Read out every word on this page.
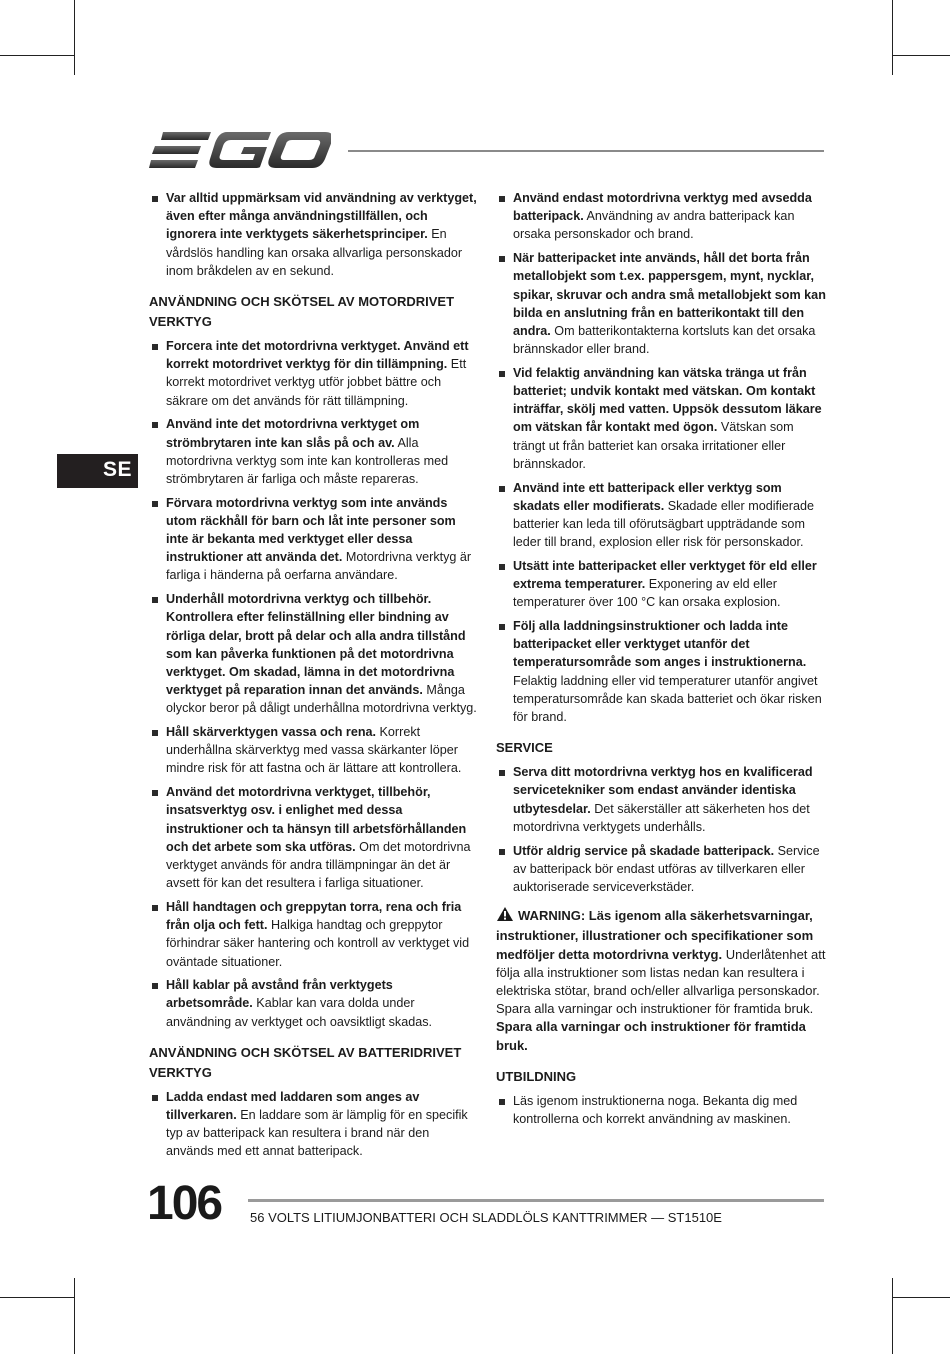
SE
Var alltid uppmärksam vid användning av verktyget, även efter många användningstillfällen, och ignorera inte verktygets säkerhetsprinciper. En vårdslös handling kan orsaka allvarliga personskador inom bråkdelen av en sekund.
ANVÄNDNING OCH SKÖTSEL AV MOTORDRIVET VERKTYG
Forcera inte det motordrivna verktyget. Använd ett korrekt motordrivet verktyg för din tillämpning. Ett korrekt motordrivet verktyg utför jobbet bättre och säkrare om det används för rätt tillämpning.
Använd inte det motordrivna verktyget om strömbrytaren inte kan slås på och av. Alla motordrivna verktyg som inte kan kontrolleras med strömbrytaren är farliga och måste repareras.
Förvara motordrivna verktyg som inte används utom räckhåll för barn och låt inte personer som inte är bekanta med verktyget eller dessa instruktioner att använda det. Motordrivna verktyg är farliga i händerna på oerfarna användare.
Underhåll motordrivna verktyg och tillbehör. Kontrollera efter felinställning eller bindning av rörliga delar, brott på delar och alla andra tillstånd som kan påverka funktionen på det motordrivna verktyget. Om skadad, lämna in det motordrivna verktyget på reparation innan det används. Många olyckor beror på dåligt underhållna motordrivna verktyg.
Håll skärverktygen vassa och rena. Korrekt underhållna skärverktyg med vassa skärkanter löper mindre risk för att fastna och är lättare att kontrollera.
Använd det motordrivna verktyget, tillbehör, insatsverktyg osv. i enlighet med dessa instruktioner och ta hänsyn till arbetsförhållanden och det arbete som ska utföras. Om det motordrivna verktyget används för andra tillämpningar än det är avsett för kan det resultera i farliga situationer.
Håll handtagen och greppytan torra, rena och fria från olja och fett. Halkiga handtag och greppytor förhindrar säker hantering och kontroll av verktyget vid oväntade situationer.
Håll kablar på avstånd från verktygets arbetsområde. Kablar kan vara dolda under användning av verktyget och oavsiktligt skadas.
ANVÄNDNING OCH SKÖTSEL AV BATTERIDRIVET VERKTYG
Ladda endast med laddaren som anges av tillverkaren. En laddare som är lämplig för en specifik typ av batteripack kan resultera i brand när den används med ett annat batteripack.
Använd endast motordrivna verktyg med avsedda batteripack. Användning av andra batteripack kan orsaka personskador och brand.
När batteripacket inte används, håll det borta från metallobjekt som t.ex. pappersgem, mynt, nycklar, spikar, skruvar och andra små metallobjekt som kan bilda en anslutning från en batterikontakt till den andra. Om batterikontakterna kortsluts kan det orsaka brännskador eller brand.
Vid felaktig användning kan vätska tränga ut från batteriet; undvik kontakt med vätskan. Om kontakt inträffar, skölj med vatten. Uppsök dessutom läkare om vätskan får kontakt med ögon. Vätskan som trängt ut från batteriet kan orsaka irritationer eller brännskador.
Använd inte ett batteripack eller verktyg som skadats eller modifierats. Skadade eller modifierade batterier kan leda till oförutsägbart uppträdande som leder till brand, explosion eller risk för personskador.
Utsätt inte batteripacket eller verktyget för eld eller extrema temperaturer. Exponering av eld eller temperaturer över 100 °C kan orsaka explosion.
Följ alla laddningsinstruktioner och ladda inte batteripacket eller verktyget utanför det temperatursområde som anges i instruktionerna. Felaktig laddning eller vid temperaturer utanför angivet temperatursområde kan skada batteriet och ökar risken för brand.
SERVICE
Serva ditt motordrivna verktyg hos en kvalificerad servicetekniker som endast använder identiska utbytesdelar. Det säkerställer att säkerheten hos det motordrivna verktygets underhålls.
Utför aldrig service på skadade batteripack. Service av batteripack bör endast utföras av tillverkaren eller auktoriserade serviceverkstäder.
WARNING: Läs igenom alla säkerhetsvarningar, instruktioner, illustrationer och specifikationer som medföljer detta motordrivna verktyg. Underlåtenhet att följa alla instruktioner som listas nedan kan resultera i elektriska stötar, brand och/eller allvarliga personskador. Spara alla varningar och instruktioner för framtida bruk.
Spara alla varningar och instruktioner för framtida bruk.
UTBILDNING
Läs igenom instruktionerna noga. Bekanta dig med kontrollerna och korrekt användning av maskinen.
106 56 VOLTS LITIUMJONBATTERI OCH SLADDLÖLS KANTTRIMMER — ST1510E
